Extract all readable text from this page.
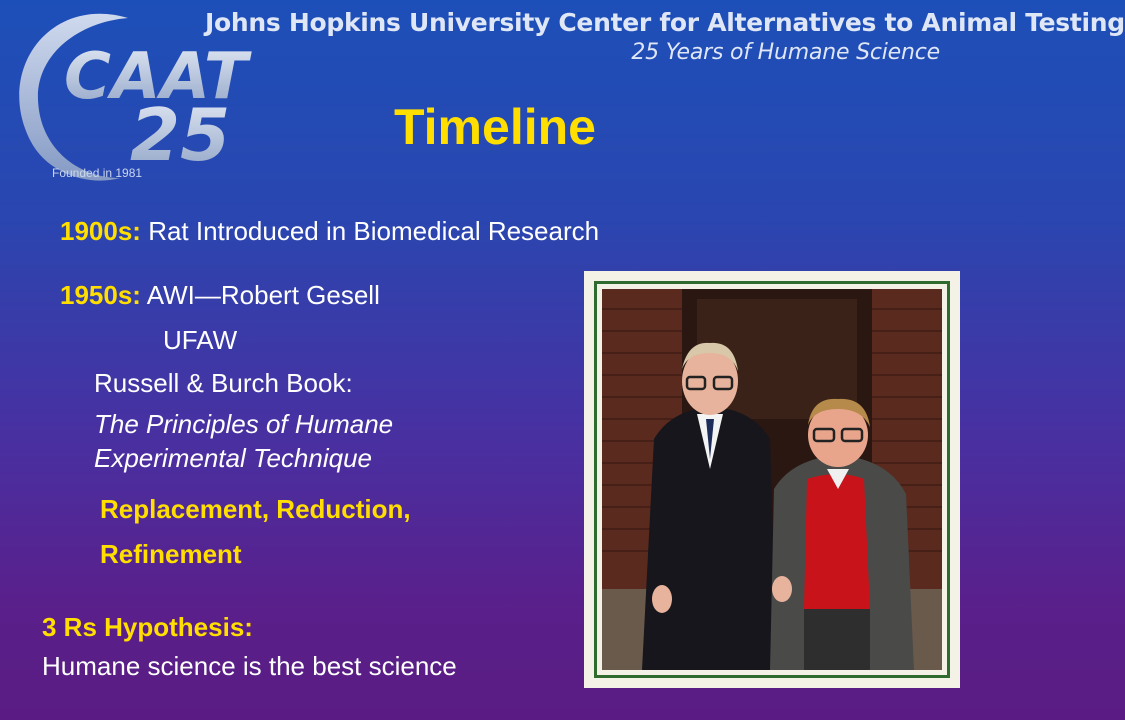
Johns Hopkins University Center for Alternatives to Animal Testing
25 Years of Humane Science
CAAT
25
Founded in 1981
Timeline
1900s: Rat Introduced in Biomedical Research
1950s: AWI—Robert Gesell
UFAW
Russell & Burch Book:
The Principles of Humane
Experimental Technique
Replacement, Reduction,
Refinement
3 Rs Hypothesis:
Humane science is the best science
